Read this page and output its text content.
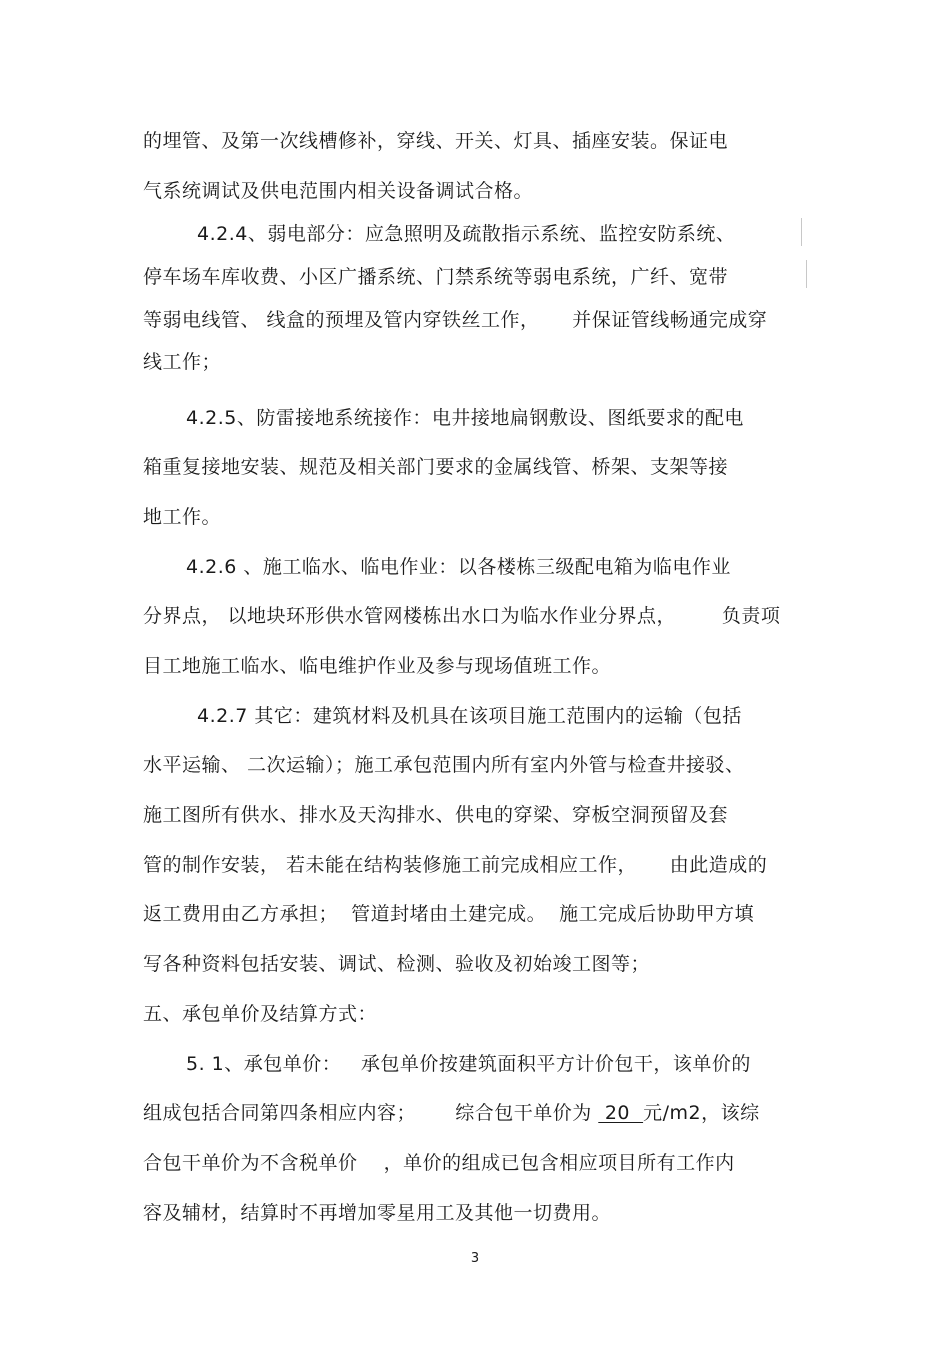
的埋管、及第一次线槽修补，穿线、开关、灯具、插座安装。保证电
气系统调试及供电范围内相关设备调试合格。
4.2.4、弱电部分：应急照明及疏散指示系统、监控安防系统、
停车场车库收费、小区广播系统、门禁系统等弱电系统，广纤、宽带
等弱电线管、 线盒的预埋及管内穿铁丝工作，     并保证管线畅通完成穿
线工作；
4.2.5、防雷接地系统接作：电井接地扁钢敷设、图纸要求的配电
箱重复接地安装、规范及相关部门要求的金属线管、桥架、支架等接
地工作。
4.2.6 、施工临水、临电作业：以各楼栋三级配电箱为临电作业
分界点， 以地块环形供水管网楼栋出水口为临水作业分界点，       负责项
目工地施工临水、临电维护作业及参与现场值班工作。
4.2.7 其它：建筑材料及机具在该项目施工范围内的运输（包括
水平运输、 二次运输）；施工承包范围内所有室内外管与检查井接驳、
施工图所有供水、排水及天沟排水、供电的穿梁、穿板空洞预留及套
管的制作安装， 若未能在结构装修施工前完成相应工作，     由此造成的
返工费用由乙方承担；  管道封堵由土建完成。  施工完成后协助甲方填
写各种资料包括安装、调试、检测、验收及初始竣工图等；
五、承包单价及结算方式：
5. 1、承包单价：   承包单价按建筑面积平方计价包干，该单价的
组成包括合同第四条相应内容；      综合包干单价为  20  元/m2，该综
合包干单价为不含税单价    ，单价的组成已包含相应项目所有工作内
容及辅材，结算时不再增加零星用工及其他一切费用。
3
